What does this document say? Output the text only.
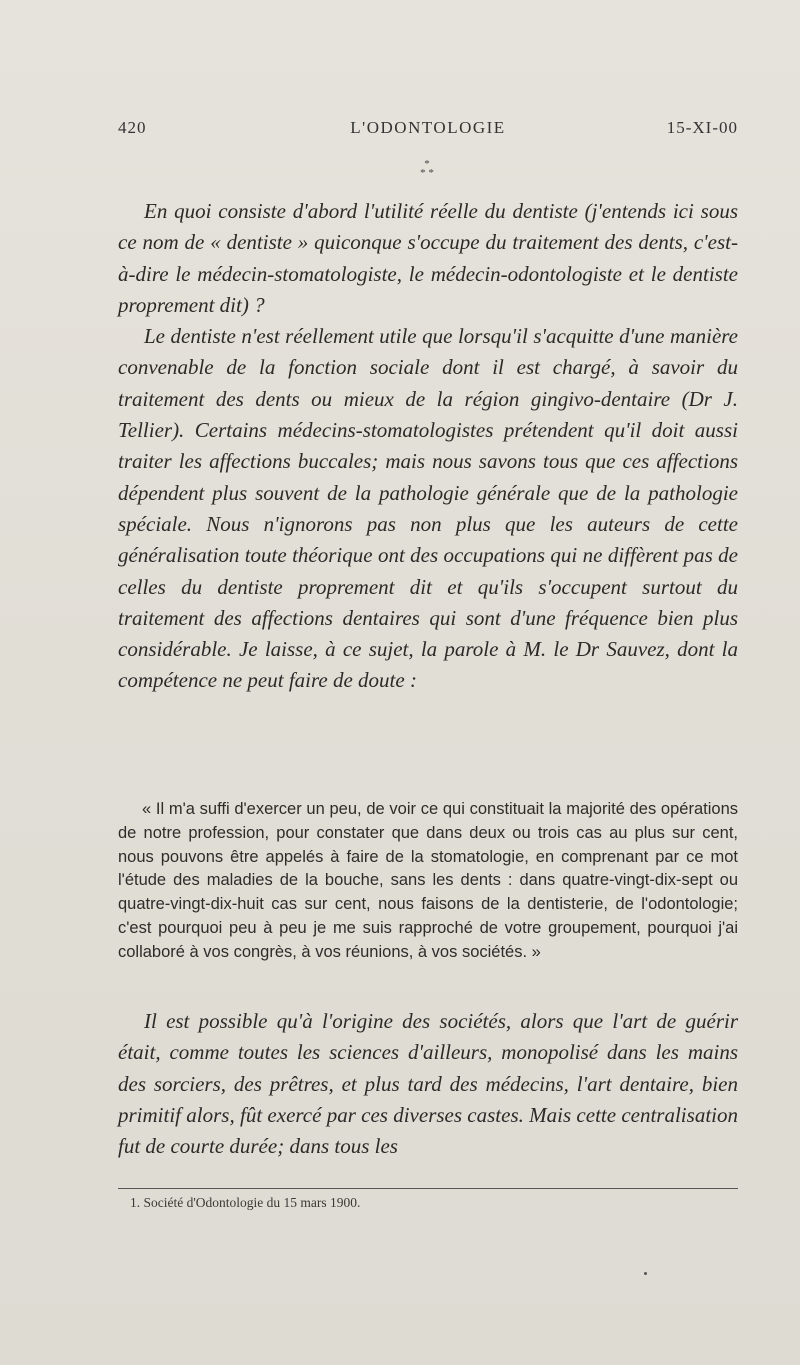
420	L'ODONTOLOGIE	15-XI-00
*
* *

En quoi consiste d'abord l'utilité réelle du dentiste (j'entends ici sous ce nom de « dentiste » quiconque s'occupe du traitement des dents, c'est-à-dire le médecin-stomatologiste, le médecin-odontologiste et le dentiste proprement dit) ?

Le dentiste n'est réellement utile que lorsqu'il s'acquitte d'une manière convenable de la fonction sociale dont il est chargé, à savoir du traitement des dents ou mieux de la région gingivo-dentaire (Dr J. Tellier). Certains médecins-stomatologistes prétendent qu'il doit aussi traiter les affections buccales; mais nous savons tous que ces affections dépendent plus souvent de la pathologie générale que de la pathologie spéciale. Nous n'ignorons pas non plus que les auteurs de cette généralisation toute théorique ont des occupations qui ne diffèrent pas de celles du dentiste proprement dit et qu'ils s'occupent surtout du traitement des affections dentaires qui sont d'une fréquence bien plus considérable. Je laisse, à ce sujet, la parole à M. le Dr Sauvez, dont la compétence ne peut faire de doute :

« Il m'a suffi d'exercer un peu, de voir ce qui constituait la majorité des opérations de notre profession, pour constater que dans deux ou trois cas au plus sur cent, nous pouvons être appelés à faire de la stomatologie, en comprenant par ce mot l'étude des maladies de la bouche, sans les dents : dans quatre-vingt-dix-sept ou quatre-vingt-dix-huit cas sur cent, nous faisons de la dentisterie, de l'odontologie; c'est pourquoi peu à peu je me suis rapproché de votre groupement, pourquoi j'ai collaboré à vos congrès, à vos réunions, à vos sociétés. »

Il est possible qu'à l'origine des sociétés, alors que l'art de guérir était, comme toutes les sciences d'ailleurs, monopolisé dans les mains des sorciers, des prêtres, et plus tard des médecins, l'art dentaire, bien primitif alors, fût exercé par ces diverses castes. Mais cette centralisation fut de courte durée; dans tous les

1. Société d'Odontologie du 15 mars 1900.
